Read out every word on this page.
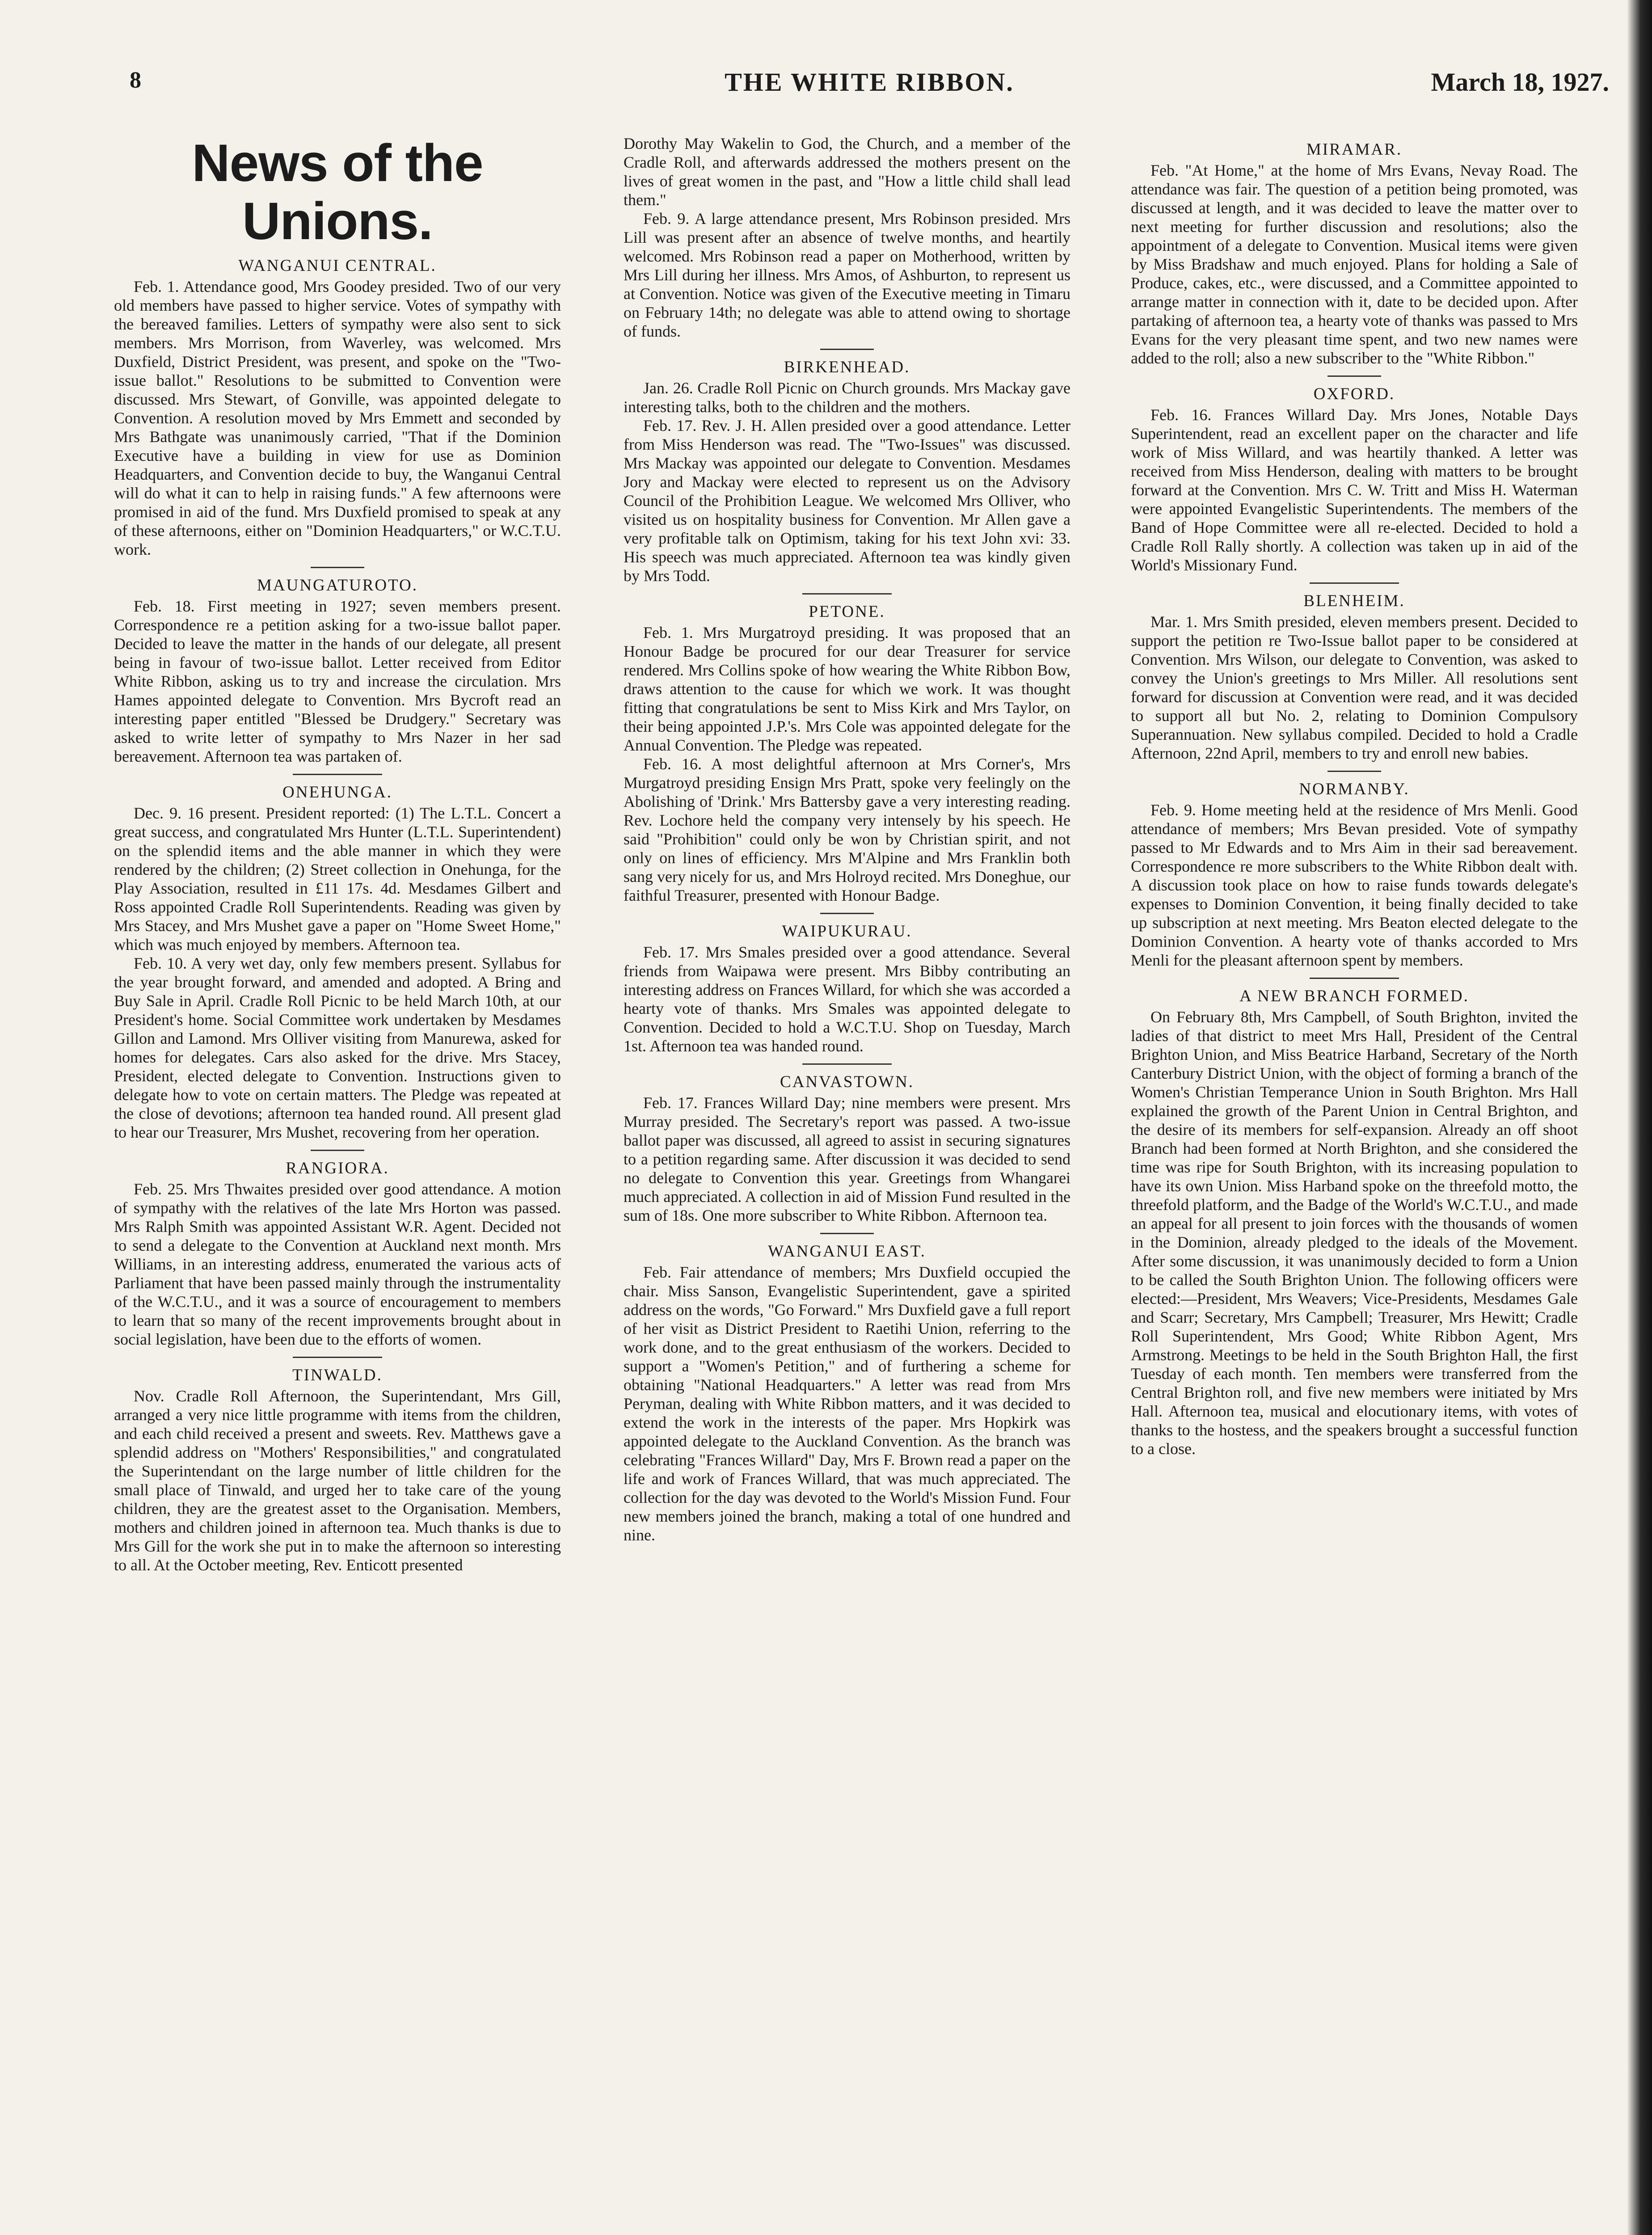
8	THE WHITE RIBBON.	March 18, 1927.
News of the Unions.
WANGANUI CENTRAL.

Feb. 1. Attendance good, Mrs Goodey presided. Two of our very old members have passed to higher service. Votes of sympathy with the bereaved families. Letters of sympathy were also sent to sick members. Mrs Morrison, from Waverley, was welcomed. Mrs Duxfield, District President, was present, and spoke on the "Two-issue ballot." Resolutions to be submitted to Convention were discussed. Mrs Stewart, of Gonville, was appointed delegate to Convention. A resolution moved by Mrs Emmett and seconded by Mrs Bathgate was unanimously carried, "That if the Dominion Executive have a building in view for use as Dominion Headquarters, and Convention decide to buy, the Wanganui Central will do what it can to help in raising funds." A few afternoons were promised in aid of the fund. Mrs Duxfield promised to speak at any of these afternoons, either on "Dominion Headquarters," or W.C.T.U. work.

MAUNGATUROTO.

Feb. 18. First meeting in 1927; seven members present. Correspondence re a petition asking for a two-issue ballot paper. Decided to leave the matter in the hands of our delegate, all present being in favour of two-issue ballot. Letter received from Editor White Ribbon, asking us to try and increase the circulation. Mrs Hames appointed delegate to Convention. Mrs Bycroft read an interesting paper entitled "Blessed be Drudgery." Secretary was asked to write letter of sympathy to Mrs Nazer in her sad bereavement. Afternoon tea was partaken of.

ONEHUNGA.

Dec. 9. 16 present. President reported: (1) The L.T.L. Concert a great success, and congratulated Mrs Hunter (L.T.L. Superintendent) on the splendid items and the able manner in which they were rendered by the children; (2) Street collection in Onehunga, for the Play Association, resulted in £11 17s. 4d. Mesdames Gilbert and Ross appointed Cradle Roll Superintendents. Reading was given by Mrs Stacey, and Mrs Mushet gave a paper on "Home Sweet Home," which was much enjoyed by members. Afternoon tea.

Feb. 10. A very wet day, only few members present. Syllabus for the year brought forward, and amended and adopted. A Bring and Buy Sale in April. Cradle Roll Picnic to be held March 10th, at our President's home. Social Committee work undertaken by Mesdames Gillon and Lamond. Mrs Olliver visiting from Manurewa, asked for homes for delegates. Cars also asked for the drive. Mrs Stacey, President, elected delegate to Convention. Instructions given to delegate how to vote on certain matters. The Pledge was repeated at the close of devotions; afternoon tea handed round. All present glad to hear our Treasurer, Mrs Mushet, recovering from her operation.

RANGIORA.

Feb. 25. Mrs Thwaites presided over good attendance. A motion of sympathy with the relatives of the late Mrs Horton was passed. Mrs Ralph Smith was appointed Assistant W.R. Agent. Decided not to send a delegate to the Convention at Auckland next month. Mrs Williams, in an interesting address, enumerated the various acts of Parliament that have been passed mainly through the instrumentality of the W.C.T.U., and it was a source of encouragement to members to learn that so many of the recent improvements brought about in social legislation, have been due to the efforts of women.

TINWALD.

Nov. Cradle Roll Afternoon, the Superintendant, Mrs Gill, arranged a very nice little programme with items from the children, and each child received a present and sweets. Rev. Matthews gave a splendid address on "Mothers' Responsibilities," and congratulated the Superintendant on the large number of little children for the small place of Tinwald, and urged her to take care of the young children, they are the greatest asset to the Organisation. Members, mothers and children joined in afternoon tea. Much thanks is due to Mrs Gill for the work she put in to make the afternoon so interesting to all. At the October meeting, Rev. Enticott presented

Dorothy May Wakelin to God, the Church, and a member of the Cradle Roll, and afterwards addressed the mothers present on the lives of great women in the past, and "How a little child shall lead them."

Feb. 9. A large attendance present, Mrs Robinson presided. Mrs Lill was present after an absence of twelve months, and heartily welcomed. Mrs Robinson read a paper on Motherhood, written by Mrs Lill during her illness. Mrs Amos, of Ashburton, to represent us at Convention. Notice was given of the Executive meeting in Timaru on February 14th; no delegate was able to attend owing to shortage of funds.

BIRKENHEAD.

Jan. 26. Cradle Roll Picnic on Church grounds. Mrs Mackay gave interesting talks, both to the children and the mothers.

Feb. 17. Rev. J. H. Allen presided over a good attendance. Letter from Miss Henderson was read. The "Two-Issues" was discussed. Mrs Mackay was appointed our delegate to Convention. Mesdames Jory and Mackay were elected to represent us on the Advisory Council of the Prohibition League. We welcomed Mrs Olliver, who visited us on hospitality business for Convention. Mr Allen gave a very profitable talk on Optimism, taking for his text John xvi: 33. His speech was much appreciated. Afternoon tea was kindly given by Mrs Todd.

PETONE.

Feb. 1. Mrs Murgatroyd presiding. It was proposed that an Honour Badge be procured for our dear Treasurer for service rendered. Mrs Collins spoke of how wearing the White Ribbon Bow, draws attention to the cause for which we work. It was thought fitting that congratulations be sent to Miss Kirk and Mrs Taylor, on their being appointed J.P.'s. Mrs Cole was appointed delegate for the Annual Convention. The Pledge was repeated.

Feb. 16. A most delightful afternoon at Mrs Corner's, Mrs Murgatroyd presiding Ensign Mrs Pratt, spoke very feelingly on the Abolishing of 'Drink.' Mrs Battersby gave a very interesting reading. Rev. Lochore held the company very intensely by his speech. He said "Prohibition" could only be won by Christian spirit, and not only on lines of efficiency. Mrs M'Alpine and Mrs Franklin both sang very nicely for us, and Mrs Holroyd recited. Mrs Doneghue, our faithful Treasurer, presented with Honour Badge.

WAIPUKURAU.

Feb. 17. Mrs Smales presided over a good attendance. Several friends from Waipawa were present. Mrs Bibby contributing an interesting address on Frances Willard, for which she was accorded a hearty vote of thanks. Mrs Smales was appointed delegate to Convention. Decided to hold a W.C.T.U. Shop on Tuesday, March 1st. Afternoon tea was handed round.

CANVASTOWN.

Feb. 17. Frances Willard Day; nine members were present. Mrs Murray presided. The Secretary's report was passed. A two-issue ballot paper was discussed, all agreed to assist in securing signatures to a petition regarding same. After discussion it was decided to send no delegate to Convention this year. Greetings from Whangarei much appreciated. A collection in aid of Mission Fund resulted in the sum of 18s. One more subscriber to White Ribbon. Afternoon tea.

WANGANUI EAST.

Feb. Fair attendance of members; Mrs Duxfield occupied the chair. Miss Sanson, Evangelistic Superintendent, gave a spirited address on the words, "Go Forward." Mrs Duxfield gave a full report of her visit as District President to Raetihi Union, referring to the work done, and to the great enthusiasm of the workers. Decided to support a "Women's Petition," and of furthering a scheme for obtaining "National Headquarters." A letter was read from Mrs Peryman, dealing with White Ribbon matters, and it was decided to extend the work in the interests of the paper. Mrs Hopkirk was appointed delegate to the Auckland Convention. As the branch was celebrating "Frances Willard" Day, Mrs F. Brown read a paper on the life and work of Frances Willard, that was much appreciated. The collection for the day was devoted to the World's Mission Fund. Four new members joined the branch, making a total of one hundred and nine.

MIRAMAR.

Feb. "At Home," at the home of Mrs Evans, Nevay Road. The attendance was fair. The question of a petition being promoted, was discussed at length, and it was decided to leave the matter over to next meeting for further discussion and resolutions; also the appointment of a delegate to Convention. Musical items were given by Miss Bradshaw and much enjoyed. Plans for holding a Sale of Produce, cakes, etc., were discussed, and a Committee appointed to arrange matter in connection with it, date to be decided upon. After partaking of afternoon tea, a hearty vote of thanks was passed to Mrs Evans for the very pleasant time spent, and two new names were added to the roll; also a new subscriber to the "White Ribbon."

OXFORD.

Feb. 16. Frances Willard Day. Mrs Jones, Notable Days Superintendent, read an excellent paper on the character and life work of Miss Willard, and was heartily thanked. A letter was received from Miss Henderson, dealing with matters to be brought forward at the Convention. Mrs C. W. Tritt and Miss H. Waterman were appointed Evangelistic Superintendents. The members of the Band of Hope Committee were all re-elected. Decided to hold a Cradle Roll Rally shortly. A collection was taken up in aid of the World's Missionary Fund.

BLENHEIM.

Mar. 1. Mrs Smith presided, eleven members present. Decided to support the petition re Two-Issue ballot paper to be considered at Convention. Mrs Wilson, our delegate to Convention, was asked to convey the Union's greetings to Mrs Miller. All resolutions sent forward for discussion at Convention were read, and it was decided to support all but No. 2, relating to Dominion Compulsory Superannuation. New syllabus compiled. Decided to hold a Cradle Afternoon, 22nd April, members to try and enroll new babies.

NORMANBY.

Feb. 9. Home meeting held at the residence of Mrs Menli. Good attendance of members; Mrs Bevan presided. Vote of sympathy passed to Mr Edwards and to Mrs Aim in their sad bereavement. Correspondence re more subscribers to the White Ribbon dealt with. A discussion took place on how to raise funds towards delegate's expenses to Dominion Convention, it being finally decided to take up subscription at next meeting. Mrs Beaton elected delegate to the Dominion Convention. A hearty vote of thanks accorded to Mrs Menli for the pleasant afternoon spent by members.

A NEW BRANCH FORMED.

On February 8th, Mrs Campbell, of South Brighton, invited the ladies of that district to meet Mrs Hall, President of the Central Brighton Union, and Miss Beatrice Harband, Secretary of the North Canterbury District Union, with the object of forming a branch of the Women's Christian Temperance Union in South Brighton. Mrs Hall explained the growth of the Parent Union in Central Brighton, and the desire of its members for self-expansion. Already an off shoot Branch had been formed at North Brighton, and she considered the time was ripe for South Brighton, with its increasing population to have its own Union. Miss Harband spoke on the threefold motto, the threefold platform, and the Badge of the World's W.C.T.U., and made an appeal for all present to join forces with the thousands of women in the Dominion, already pledged to the ideals of the Movement. After some discussion, it was unanimously decided to form a Union to be called the South Brighton Union. The following officers were elected:—President, Mrs Weavers; Vice-Presidents, Mesdames Gale and Scarr; Secretary, Mrs Campbell; Treasurer, Mrs Hewitt; Cradle Roll Superintendent, Mrs Good; White Ribbon Agent, Mrs Armstrong. Meetings to be held in the South Brighton Hall, the first Tuesday of each month. Ten members were transferred from the Central Brighton roll, and five new members were initiated by Mrs Hall. Afternoon tea, musical and elocutionary items, with votes of thanks to the hostess, and the speakers brought a successful function to a close.
